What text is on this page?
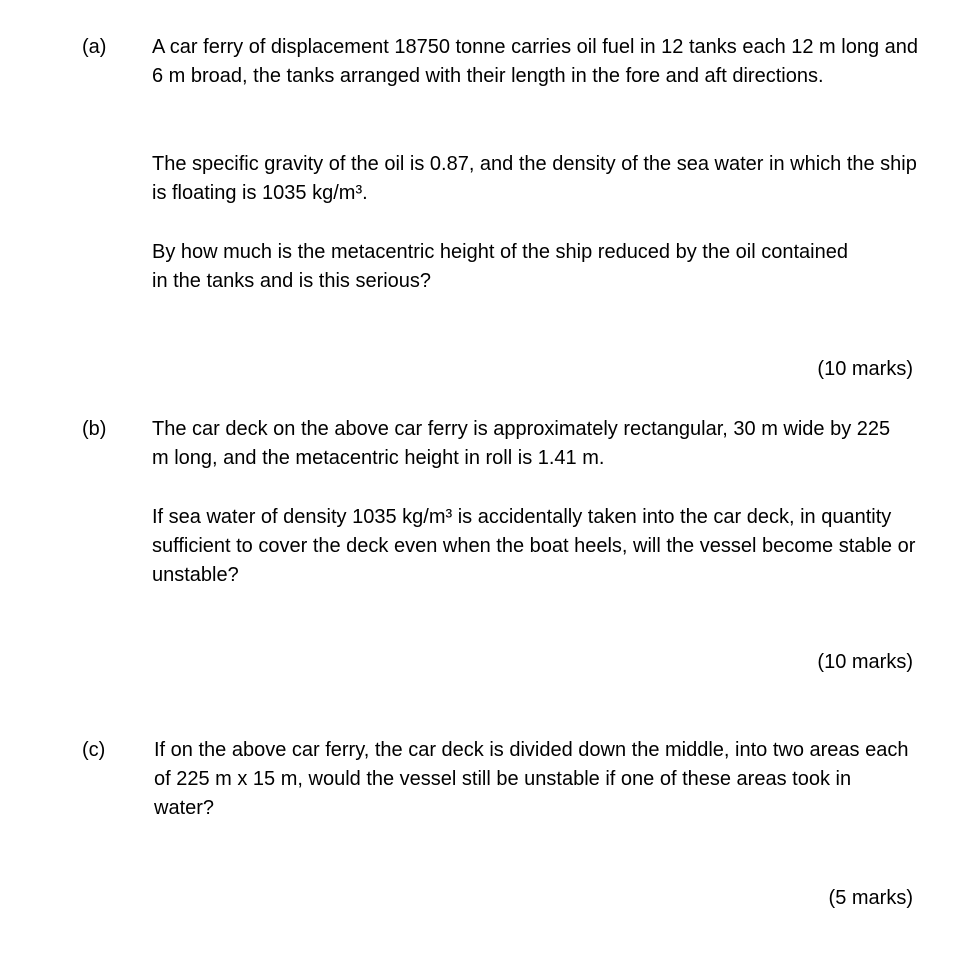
(a) A car ferry of displacement 18750 tonne carries oil fuel in 12 tanks each 12 m long and 6 m broad, the tanks arranged with their length in the fore and aft directions.

The specific gravity of the oil is 0.87, and the density of the sea water in which the ship is floating is 1035 kg/m³.

By how much is the metacentric height of the ship reduced by the oil contained in the tanks and is this serious?

(10 marks)
(b) The car deck on the above car ferry is approximately rectangular, 30 m wide by 225 m long, and the metacentric height in roll is 1.41 m.

If sea water of density 1035 kg/m³ is accidentally taken into the car deck, in quantity sufficient to cover the deck even when the boat heels, will the vessel become stable or unstable?

(10 marks)
(c) If on the above car ferry, the car deck is divided down the middle, into two areas each of 225 m x 15 m, would the vessel still be unstable if one of these areas took in water?

(5 marks)
